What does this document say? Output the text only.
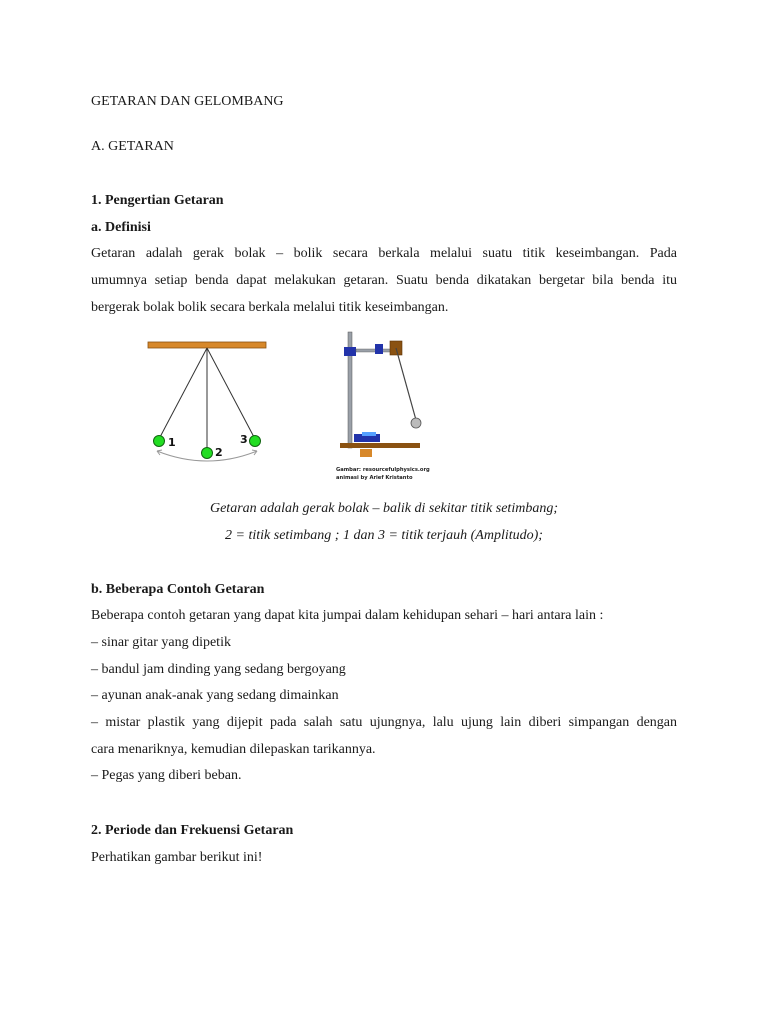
GETARAN DAN GELOMBANG
A. GETARAN
1. Pengertian Getaran
a. Definisi
Getaran adalah gerak bolak – bolik secara berkala melalui suatu titik keseimbangan. Pada
umumnya setiap benda dapat melakukan getaran. Suatu benda dikatakan bergetar bila benda itu
bergerak bolak bolik secara berkala melalui titik keseimbangan.
1
2
3
Gambar: resourcefulphysics.org
animasi by Arief Kristanto
Getaran adalah gerak bolak – balik di sekitar titik setimbang;
2 = titik setimbang ; 1 dan 3 = titik terjauh (Amplitudo);
b. Beberapa Contoh Getaran
Beberapa contoh getaran yang dapat kita jumpai dalam kehidupan sehari – hari antara lain :
– sinar gitar yang dipetik
– bandul jam dinding yang sedang bergoyang
– ayunan anak-anak yang sedang dimainkan
– mistar plastik yang dijepit pada salah satu ujungnya, lalu ujung lain diberi simpangan dengan
cara menariknya, kemudian dilepaskan tarikannya.
– Pegas yang diberi beban.
2. Periode dan Frekuensi Getaran
Perhatikan gambar berikut ini!
